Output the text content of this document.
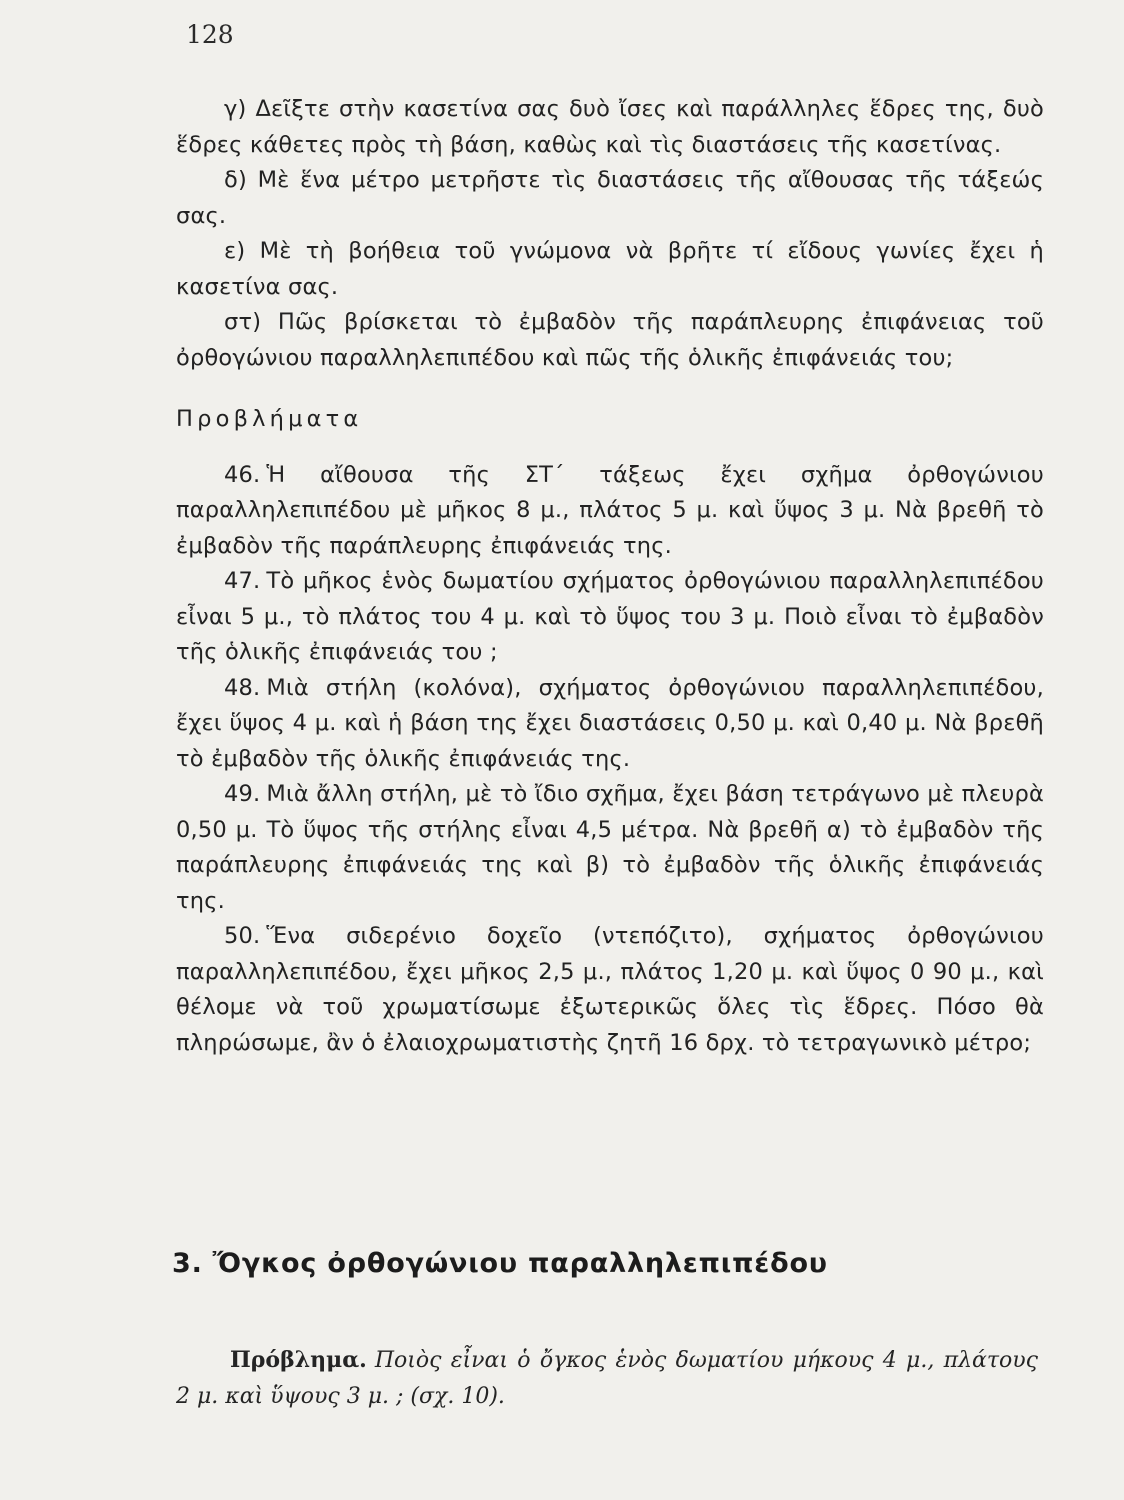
128

γ) Δεῖξτε στὴν κασετίνα σας δυὸ ἴσες καὶ παράλληλες ἕδρες της, δυὸ ἕδρες κάθετες πρὸς τὴ βάση, καθὼς καὶ τὶς διαστάσεις τῆς κασετίνας.

δ) Μὲ ἕνα μέτρο μετρῆστε τὶς διαστάσεις τῆς αἴθουσας τῆς τάξεώς σας.

ε) Μὲ τὴ βοήθεια τοῦ γνώμονα νὰ βρῆτε τί εἴδους γωνίες ἔχει ἡ κασετίνα σας.

στ) Πῶς βρίσκεται τὸ ἐμβαδὸν τῆς παράπλευρης ἐπιφάνειας τοῦ ὀρθογώνιου παραλληλεπιπέδου καὶ πῶς τῆς ὁλικῆς ἐπιφάνειάς του;

Προβλήματα

46. Ἡ αἴθουσα τῆς ΣΤ΄ τάξεως ἔχει σχῆμα ὀρθογώνιου παραλληλεπιπέδου μὲ μῆκος 8 μ., πλάτος 5 μ. καὶ ὕψος 3 μ. Νὰ βρεθῆ τὸ ἐμβαδὸν τῆς παράπλευρης ἐπιφάνειάς της.

47. Τὸ μῆκος ἑνὸς δωματίου σχήματος ὀρθογώνιου παραλληλεπιπέδου εἶναι 5 μ., τὸ πλάτος του 4 μ. καὶ τὸ ὕψος του 3 μ. Ποιὸ εἶναι τὸ ἐμβαδὸν τῆς ὁλικῆς ἐπιφάνειάς του ;

48. Μιὰ στήλη (κολόνα), σχήματος ὀρθογώνιου παραλληλεπιπέδου, ἔχει ὕψος 4 μ. καὶ ἡ βάση της ἔχει διαστάσεις 0,50 μ. καὶ 0,40 μ. Νὰ βρεθῆ τὸ ἐμβαδὸν τῆς ὁλικῆς ἐπιφάνειάς της.

49. Μιὰ ἄλλη στήλη, μὲ τὸ ἴδιο σχῆμα, ἔχει βάση τετράγωνο μὲ πλευρὰ 0,50 μ. Τὸ ὕψος τῆς στήλης εἶναι 4,5 μέτρα. Νὰ βρεθῆ α) τὸ ἐμβαδὸν τῆς παράπλευρης ἐπιφάνειάς της καὶ β) τὸ ἐμβαδὸν τῆς ὁλικῆς ἐπιφάνειάς της.

50. Ἕνα σιδερένιο δοχεῖο (ντεπόζιτο), σχήματος ὀρθογώνιου παραλληλεπιπέδου, ἔχει μῆκος 2,5 μ., πλάτος 1,20 μ. καὶ ὕψος 0 90 μ., καὶ θέλομε νὰ τοῦ χρωματίσωμε ἐξωτερικῶς ὅλες τὶς ἕδρες. Πόσο θὰ πληρώσωμε, ἂν ὁ ἐλαιοχρωματιστὴς ζητῆ 16 δρχ. τὸ τετραγωνικὸ μέτρο;

3. Ὄγκος ὀρθογώνιου παραλληλεπιπέδου

Πρόβλημα. Ποιὸς εἶναι ὁ ὄγκος ἑνὸς δωματίου μήκους 4 μ., πλάτους 2 μ. καὶ ὕψους 3 μ. ; (σχ. 10).
